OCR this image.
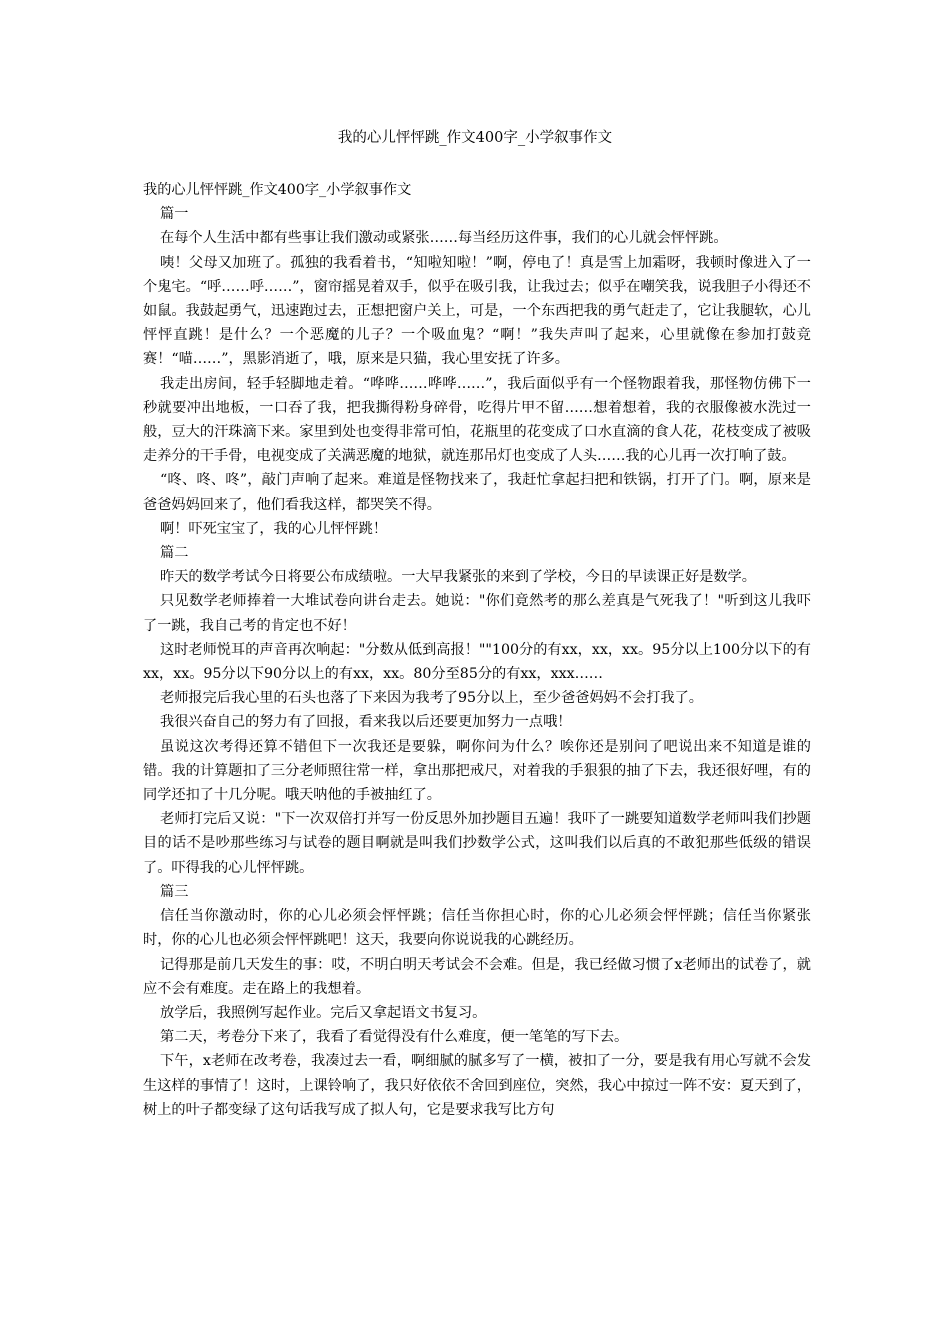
我的心儿怦怦跳_作文400字_小学叙事作文

我的心儿怦怦跳_作文400字_小学叙事作文

篇一

在每个人生活中都有些事让我们激动或紧张……每当经历这件事，我们的心儿就会怦怦跳。

咦！父母又加班了。孤独的我看着书，“知啦知啦！”啊，停电了！真是雪上加霜呀，我顿时像进入了一个鬼宅。“呼……呼……”，窗帘摇晃着双手，似乎在吸引我，让我过去；似乎在嘲笑我，说我胆子小得还不如鼠。我鼓起勇气，迅速跑过去，正想把窗户关上，可是，一个东西把我的勇气赶走了，它让我腿软，心儿怦怦直跳！是什么？一个恶魔的儿子？一个吸血鬼？“啊！”我失声叫了起来，心里就像在参加打鼓竞赛！“喵……”，黑影消逝了，哦，原来是只猫，我心里安抚了许多。

我走出房间，轻手轻脚地走着。“哗哗……哗哗……”，我后面似乎有一个怪物跟着我，那怪物仿佛下一秒就要冲出地板，一口吞了我，把我撕得粉身碎骨，吃得片甲不留……想着想着，我的衣服像被水洗过一般，豆大的汗珠滴下来。家里到处也变得非常可怕，花瓶里的花变成了口水直滴的食人花，花枝变成了被吸走养分的干手骨，电视变成了关满恶魔的地狱，就连那吊灯也变成了人头……我的心儿再一次打响了鼓。

“咚、咚、咚”，敲门声响了起来。难道是怪物找来了，我赶忙拿起扫把和铁锅，打开了门。啊，原来是爸爸妈妈回来了，他们看我这样，都哭笑不得。

啊！吓死宝宝了，我的心儿怦怦跳！

篇二

昨天的数学考试今日将要公布成绩啦。一大早我紧张的来到了学校，今日的早读课正好是数学。

只见数学老师捧着一大堆试卷向讲台走去。她说："你们竟然考的那么差真是气死我了！"听到这儿我吓了一跳，我自己考的肯定也不好！

这时老师悦耳的声音再次响起："分数从低到高报！""100分的有xx，xx，xx。95分以上100分以下的有xx，xx。95分以下90分以上的有xx，xx。80分至85分的有xx，xxx……

老师报完后我心里的石头也落了下来因为我考了95分以上，至少爸爸妈妈不会打我了。

我很兴奋自己的努力有了回报，看来我以后还要更加努力一点哦！

虽说这次考得还算不错但下一次我还是要躲，啊你问为什么？唉你还是别问了吧说出来不知道是谁的错。我的计算题扣了三分老师照往常一样，拿出那把戒尺，对着我的手狠狠的抽了下去，我还很好哩，有的同学还扣了十几分呢。哦天呐他的手被抽红了。

老师打完后又说："下一次双倍打并写一份反思外加抄题目五遍！我吓了一跳要知道数学老师叫我们抄题目的话不是吵那些练习与试卷的题目啊就是叫我们抄数学公式，这叫我们以后真的不敢犯那些低级的错误了。吓得我的心儿怦怦跳。

篇三

信任当你激动时，你的心儿必须会怦怦跳；信任当你担心时，你的心儿必须会怦怦跳；信任当你紧张时，你的心儿也必须会怦怦跳吧！这天，我要向你说说我的心跳经历。

记得那是前几天发生的事：哎，不明白明天考试会不会难。但是，我已经做习惯了x老师出的试卷了，就应不会有难度。走在路上的我想着。

放学后，我照例写起作业。完后又拿起语文书复习。

第二天，考卷分下来了，我看了看觉得没有什么难度，便一笔笔的写下去。

下午，x老师在改考卷，我凑过去一看，啊细腻的腻多写了一横，被扣了一分，要是我有用心写就不会发生这样的事情了！这时，上课铃响了，我只好依依不舍回到座位，突然，我心中掠过一阵不安：夏天到了，树上的叶子都变绿了这句话我写成了拟人句，它是要求我写比方句
